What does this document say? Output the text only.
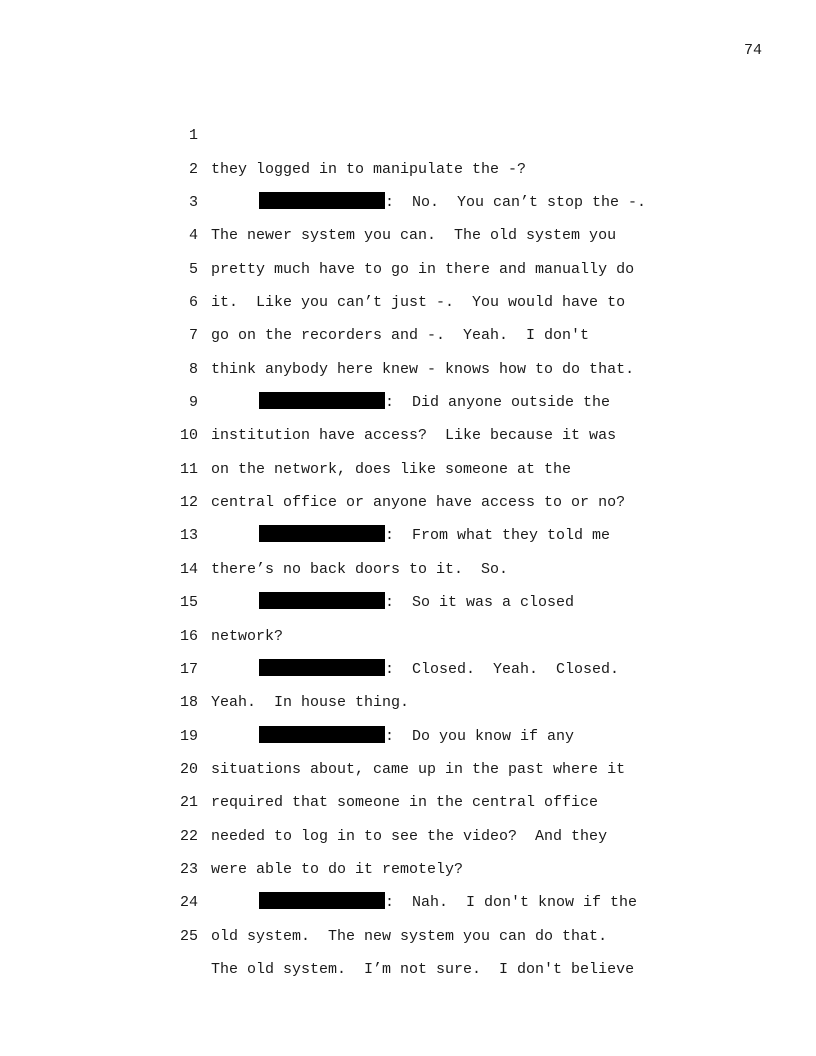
74

1

they logged in to manipulate the -?

2

:  No.  You can’t stop the -.

3

The newer system you can.  The old system you

4

pretty much have to go in there and manually do

5

it.  Like you can’t just -.  You would have to

6

go on the recorders and -.  Yeah.  I don't

7

think anybody here knew - knows how to do that.

8

:  Did anyone outside the

9

institution have access?  Like because it was

10

on the network, does like someone at the

11

central office or anyone have access to or no?

12

:  From what they told me

13

there’s no back doors to it.  So.

14

:  So it was a closed

15

network?

16

:  Closed.  Yeah.  Closed.

17

Yeah.  In house thing.

18

:  Do you know if any

19

situations about, came up in the past where it

20

required that someone in the central office

21

needed to log in to see the video?  And they

22

were able to do it remotely?

23

:  Nah.  I don't know if the

24

old system.  The new system you can do that.

25

The old system.  I’m not sure.  I don't believe
